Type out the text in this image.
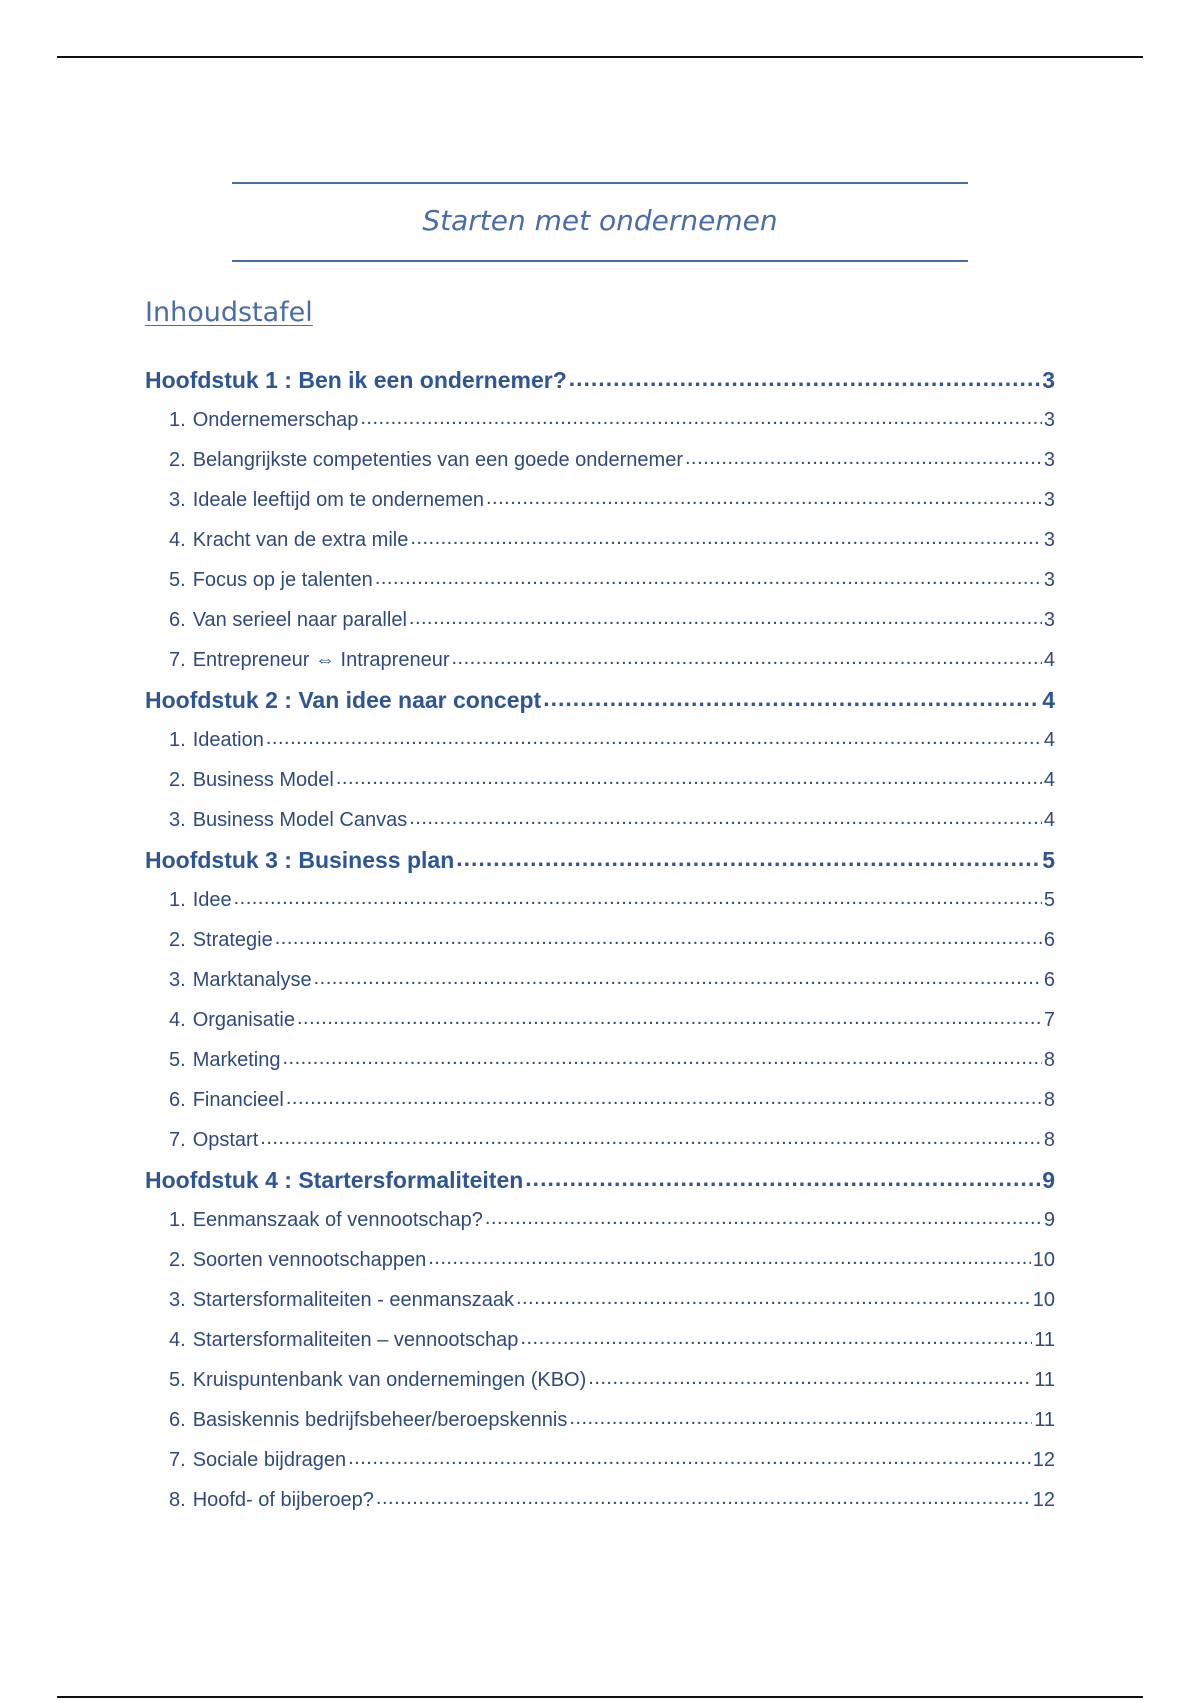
Starten met ondernemen
Inhoudstafel
Hoofdstuk 1 : Ben ik een ondernemer? .....	3
1. Ondernemerschap .....	3
2. Belangrijkste competenties van een goede ondernemer .....	3
3. Ideale leeftijd om te ondernemen .....	3
4. Kracht van de extra mile .....	3
5. Focus op je talenten .....	3
6. Van serieel naar parallel .....	3
7. Entrepreneur ⇔ Intrapreneur .....	4
Hoofdstuk 2 : Van idee naar concept .....	4
1. Ideation .....	4
2. Business Model .....	4
3. Business Model Canvas .....	4
Hoofdstuk 3 : Business plan .....	5
1. Idee .....	5
2. Strategie .....	6
3. Marktanalyse .....	6
4. Organisatie .....	7
5. Marketing .....	8
6. Financieel .....	8
7. Opstart .....	8
Hoofdstuk 4 : Startersformaliteiten .....	9
1. Eenmanszaak of vennootschap? .....	9
2. Soorten vennootschappen .....	10
3. Startersformaliteiten - eenmanszaak .....	10
4. Startersformaliteiten – vennootschap .....	11
5. Kruispuntenbank van ondernemingen (KBO) .....	11
6. Basiskennis bedrijfsbeheer/beroepskennis .....	11
7. Sociale bijdragen .....	12
8. Hoofd- of bijberoep? .....	12
